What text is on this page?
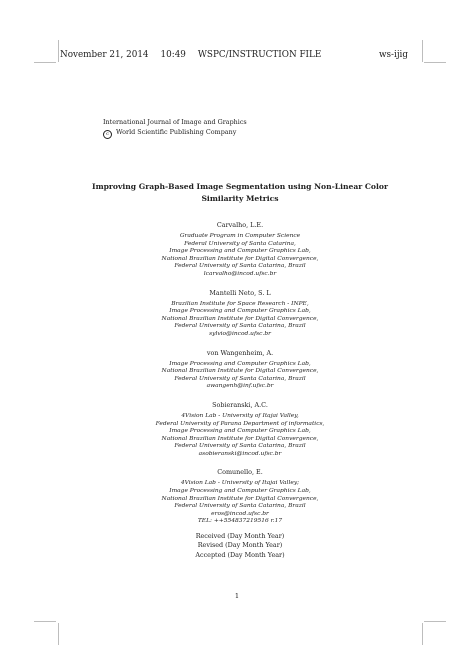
November 21, 2014 10:49 WSPC/INSTRUCTION FILE	ws-ijig
International Journal of Image and Graphics
c World Scientific Publishing Company
Improving Graph-Based Image Segmentation using Non-Linear Color
Similarity Metrics
Carvalho, L.E.
Graduate Program in Computer Science
Federal University of Santa Catarina,
Image Processing and Computer Graphics Lab,
National Brazilian Institute for Digital Convergence,
Federal University of Santa Catarina, Brazil
lcarvalho@incod.ufsc.br
Mantelli Neto, S. L
Brazilian Institute for Space Research - INPE,
Image Processing and Computer Graphics Lab,
National Brazilian Institute for Digital Convergence,
Federal University of Santa Catarina, Brazil
sylvio@incod.ufsc.br
von Wangenheim, A.
Image Processing and Computer Graphics Lab,
National Brazilian Institute for Digital Convergence,
Federal University of Santa Catarina, Brazil
awangenh@inf.ufsc.br
Sobieranski, A.C.
4Vision Lab - University of Itajai Valley,
Federal University of Parana Department of informatics,
Image Processing and Computer Graphics Lab,
National Brazilian Institute for Digital Convergence,
Federal University of Santa Catarina, Brazil
asobieranski@incod.ufsc.br
Comunello, E.
4Vision Lab - University of Itajai Valley;
Image Processing and Computer Graphics Lab,
National Brazilian Institute for Digital Convergence,
Federal University of Santa Catarina, Brazil
eros@incod.ufsc.br
TEL: ++554837219516 r.17
Received (Day Month Year)
Revised (Day Month Year)
Accepted (Day Month Year)
1
